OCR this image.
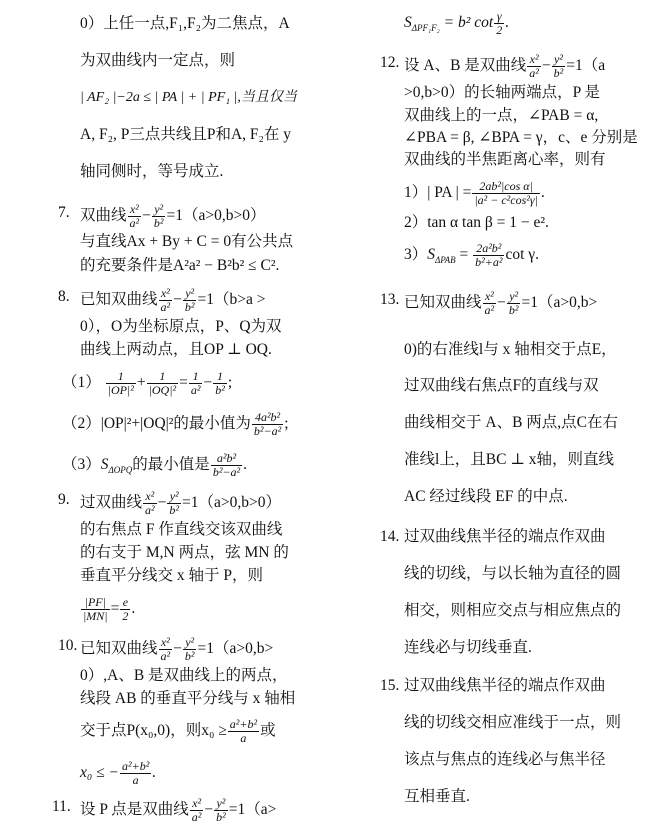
0）上任一点,F₁,F₂为二焦点，A
为双曲线内一定点，则
| AF₂ |−2a ≤ | PA | + | PF₁ |,当且仅当
A, F₂, P三点共线且P和A, F₂在 y
轴同侧时，等号成立.
7. 双曲线 $\frac{\text{x²}}{\text{a²}} - \frac{\text{y²}}{\text{b²}} =1(a>0,b>0)$
与直线Ax + By + C = 0有公共点
的充要条件是A²a² − B²b² ≤ C².
8. 已知双曲线 $\frac{\text{x²}}{\text{a²}} - \frac{\text{y²}}{\text{b²}} =1(b>a$ >
0），O为坐标原点，P、Q为双
曲线上两动点，且OP ⊥ OQ.
$(1) \frac{1}{\text{|OP|²}} + \frac{1}{\text{|OQ|²}} = \frac{1}{\text{a²}} - \frac{1}{\text{b²}}$ ;
（2）|OP|²+|OQ|²的最小值为 $\frac{\text{4a²b²}}{\text{b²−a²}}$ ;
$(3)S_{\Delta OPQ}$的最小值是 $\frac{\text{a²b²}}{\text{b²−a²}}$ .
9. 过双曲线 $\frac{\text{x²}}{\text{a²}} - \frac{\text{y²}}{\text{b²}} =1(a>0,b>0)$
的右焦点 F 作直线交该双曲线
的右支于 M,N 两点，弦 MN 的
垂直平分线交 x 轴于 P，则
$\frac{|PF|}{|MN|} = \frac{e}{2}$ .
10. 已知双曲线 $\frac{\text{x²}}{\text{a²}} - \frac{\text{y²}}{\text{b²}} =1(a>0,b>$
0）,A、B 是双曲线上的两点，
线段 AB 的垂直平分线与 x 轴相
交于点P(x₀,0)，则$x_0 \ge \frac{\text{a²+b²}}{a}$ 或
x₀ ≤ − $\frac{\text{a²+b²}}{a}$ .
11. 设 P 点是双曲线 $\frac{\text{x²}}{\text{a²}} - \frac{\text{y²}}{\text{b²}} =1(a>$
$S_{\Delta PF_1F_2} = b^2$ $\cot \frac{\gamma}{2}$ .
12. 设 A、B 是双曲线 $\frac{\text{x²}}{\text{a²}} - \frac{\text{y²}}{\text{b²}} =1(a$
>0,b>0）的长轴两端点，P 是
双曲线上的一点，∠PAB = α,
∠PBA = β, ∠BPA = γ，c、e 分别是
双曲线的半焦距离心率，则有
1）| PA | = $\frac{\text{2ab²|cos α|}}{\text{|a² − c²cos²γ|}}$ .
2）tan α tan β = 1 − e².
$3)S_{\Delta PAB} = \frac{\text{2a²b²}}{\text{b²+a²}}$ cot γ.
13. 已知双曲线 $\frac{\text{x²}}{\text{a²}} - \frac{\text{y²}}{\text{b²}} =1(a>0,b>$
0)的右准线l与 x 轴相交于点E，
过双曲线右焦点F的直线与双
曲线相交于 A、B 两点,点C在右
准线l上，且BC ⊥ x轴，则直线
AC 经过线段 EF 的中点.
14. 过双曲线焦半径的端点作双曲
线的切线，与以长轴为直径的圆
相交，则相应交点与相应焦点的
连线必与切线垂直.
15. 过双曲线焦半径的端点作双曲
线的切线交相应准线于一点，则
该点与焦点的连线必与焦半径
互相垂直.
